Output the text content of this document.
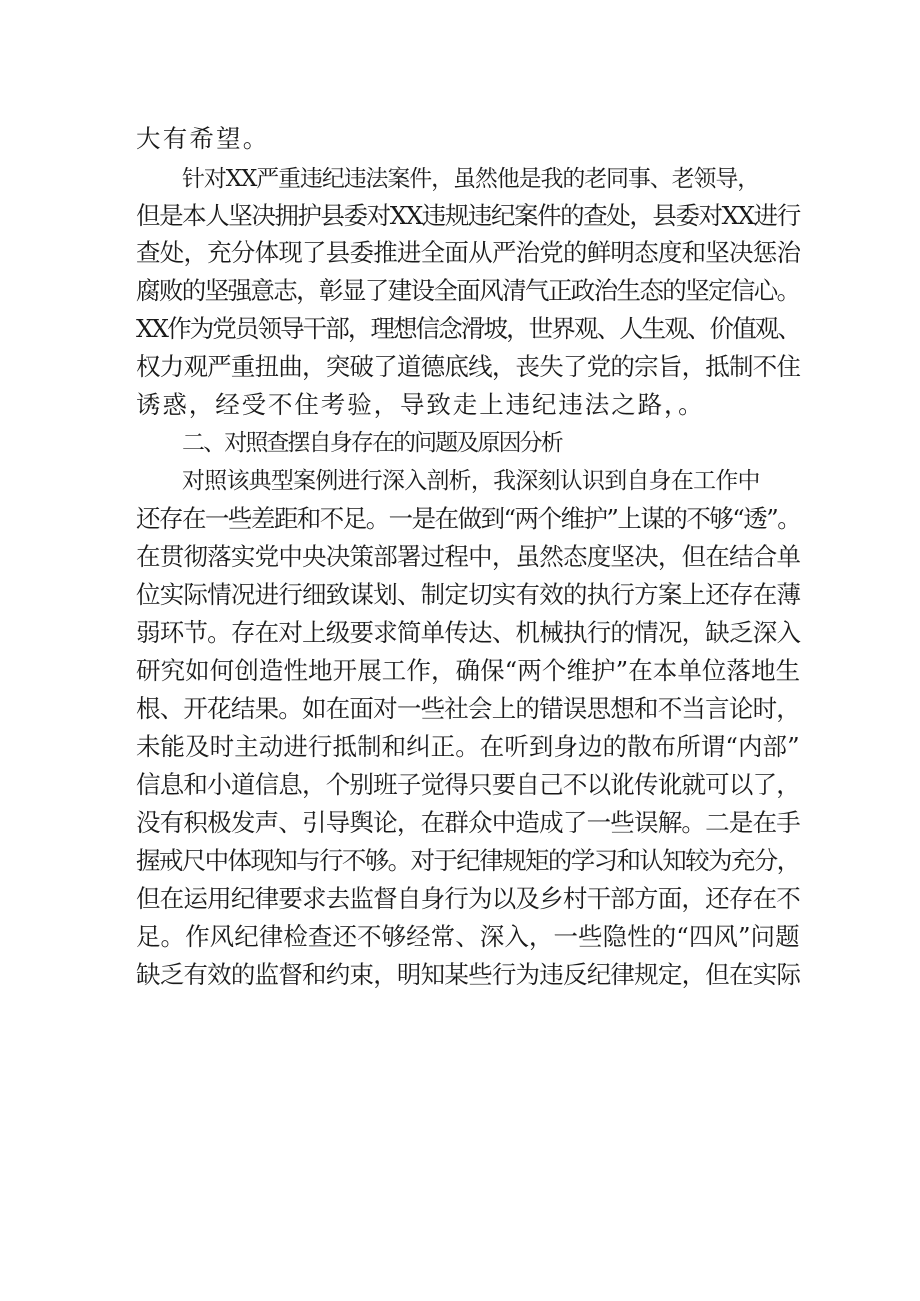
大有希望。
针对XX严重违纪违法案件，虽然他是我的老同事、老领导，
但是本人坚决拥护县委对XX违规违纪案件的查处，县委对XX进行
查处，充分体现了县委推进全面从严治党的鲜明态度和坚决惩治
腐败的坚强意志，彰显了建设全面风清气正政治生态的坚定信心。
XX作为党员领导干部，理想信念滑坡，世界观、人生观、价值观、
权力观严重扭曲，突破了道德底线，丧失了党的宗旨，抵制不住
诱惑，经受不住考验，导致走上违纪违法之路，。
二、对照查摆自身存在的问题及原因分析
对照该典型案例进行深入剖析，我深刻认识到自身在工作中
还存在一些差距和不足。一是在做到“两个维护”上谋的不够“透”。
在贯彻落实党中央决策部署过程中，虽然态度坚决，但在结合单
位实际情况进行细致谋划、制定切实有效的执行方案上还存在薄
弱环节。存在对上级要求简单传达、机械执行的情况，缺乏深入
研究如何创造性地开展工作，确保“两个维护”在本单位落地生
根、开花结果。如在面对一些社会上的错误思想和不当言论时，
未能及时主动进行抵制和纠正。在听到身边的散布所谓“内部”
信息和小道信息，个别班子觉得只要自己不以讹传讹就可以了，
没有积极发声、引导舆论，在群众中造成了一些误解。二是在手
握戒尺中体现知与行不够。对于纪律规矩的学习和认知较为充分，
但在运用纪律要求去监督自身行为以及乡村干部方面，还存在不
足。作风纪律检查还不够经常、深入，一些隐性的“四风”问题
缺乏有效的监督和约束，明知某些行为违反纪律规定，但在实际
